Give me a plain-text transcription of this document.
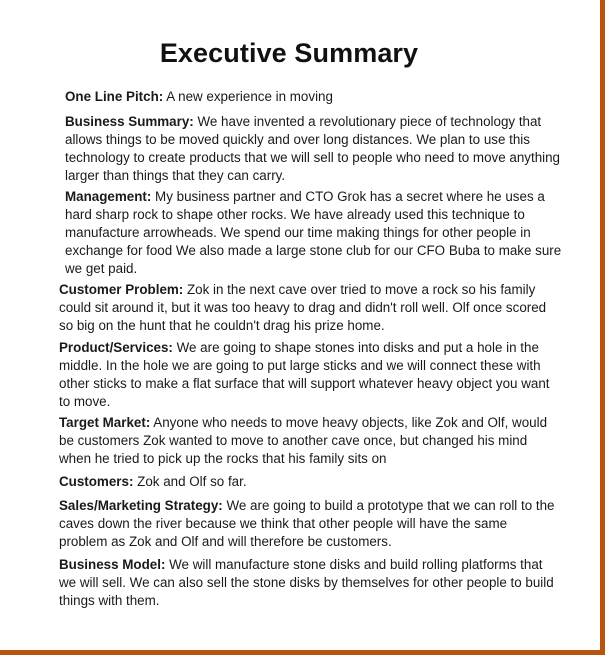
Executive Summary

One Line Pitch: A new experience in moving

Business Summary: We have invented a revolutionary piece of technology that allows things to be moved quickly and over long distances. We plan to use this technology to create products that we will sell to people who need to move anything larger than things that they can carry.

Management: My business partner and CTO Grok has a secret where he uses a hard sharp rock to shape other rocks. We have already used this technique to manufacture arrowheads. We spend our time making things for other people in exchange for food We also made a large stone club for our CFO Buba to make sure we get paid.

Customer Problem: Zok in the next cave over tried to move a rock so his family could sit around it, but it was too heavy to drag and didn't roll well. Olf once scored so big on the hunt that he couldn't drag his prize home.

Product/Services: We are going to shape stones into disks and put a hole in the middle. In the hole we are going to put large sticks and we will connect these with other sticks to make a flat surface that will support whatever heavy object you want to move.

Target Market: Anyone who needs to move heavy objects, like Zok and Olf, would be customers Zok wanted to move to another cave once, but changed his mind when he tried to pick up the rocks that his family sits on

Customers: Zok and Olf so far.

Sales/Marketing Strategy: We are going to build a prototype that we can roll to the caves down the river because we think that other people will have the same problem as Zok and Olf and will therefore be customers.

Business Model: We will manufacture stone disks and build rolling platforms that we will sell. We can also sell the stone disks by themselves for other people to build things with them.
